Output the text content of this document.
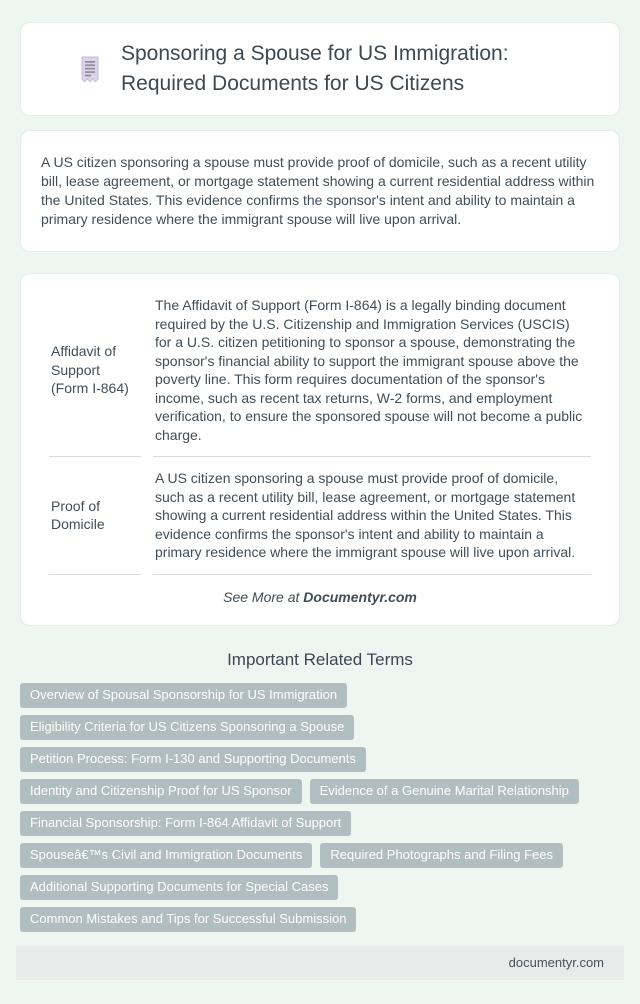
Sponsoring a Spouse for US Immigration: Required Documents for US Citizens

A US citizen sponsoring a spouse must provide proof of domicile, such as a recent utility bill, lease agreement, or mortgage statement showing a current residential address within the United States. This evidence confirms the sponsor's intent and ability to maintain a primary residence where the immigrant spouse will live upon arrival.

Affidavit of Support (Form I-864)	The Affidavit of Support (Form I-864) is a legally binding document required by the U.S. Citizenship and Immigration Services (USCIS) for a U.S. citizen petitioning to sponsor a spouse, demonstrating the sponsor's financial ability to support the immigrant spouse above the poverty line. This form requires documentation of the sponsor's income, such as recent tax returns, W-2 forms, and employment verification, to ensure the sponsored spouse will not become a public charge.
Proof of Domicile	A US citizen sponsoring a spouse must provide proof of domicile, such as a recent utility bill, lease agreement, or mortgage statement showing a current residential address within the United States. This evidence confirms the sponsor's intent and ability to maintain a primary residence where the immigrant spouse will live upon arrival.
See More at Documentyr.com
Important Related Terms
Overview of Spousal Sponsorship for US Immigration
Eligibility Criteria for US Citizens Sponsoring a Spouse
Petition Process: Form I-130 and Supporting Documents
Identity and Citizenship Proof for US Sponsor	Evidence of a Genuine Marital Relationship
Financial Sponsorship: Form I-864 Affidavit of Support
Spouseâ€™s Civil and Immigration Documents	Required Photographs and Filing Fees
Additional Supporting Documents for Special Cases
Common Mistakes and Tips for Successful Submission
documentyr.com
